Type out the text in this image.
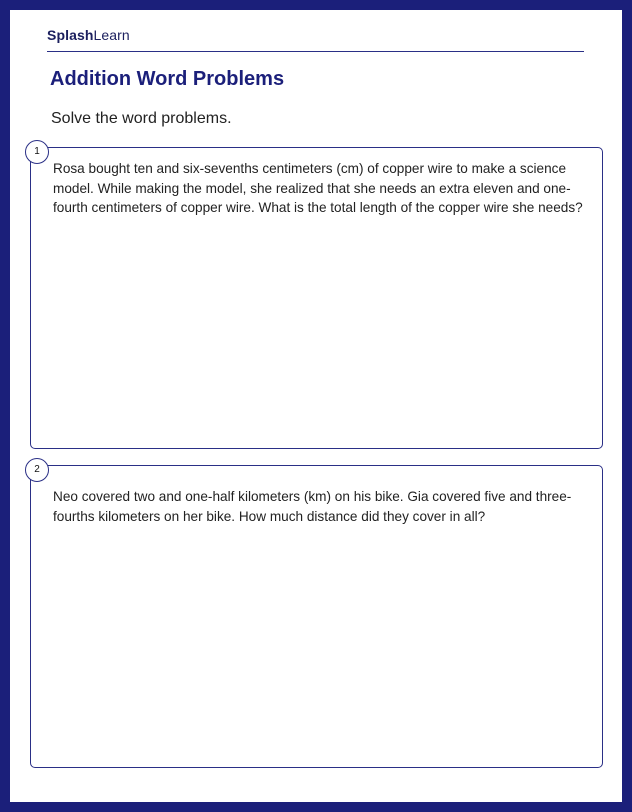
SplashLearn
Addition Word Problems
Solve the word problems.
Rosa bought ten and six-sevenths centimeters (cm) of copper wire to make a science model. While making the model, she realized that she needs an extra eleven and one-fourth centimeters of copper wire. What is the total length of the copper wire she needs?
1
Neo covered two and one-half kilometers (km) on his bike. Gia covered five and three-fourths kilometers on her bike. How much distance did they cover in all?
2
